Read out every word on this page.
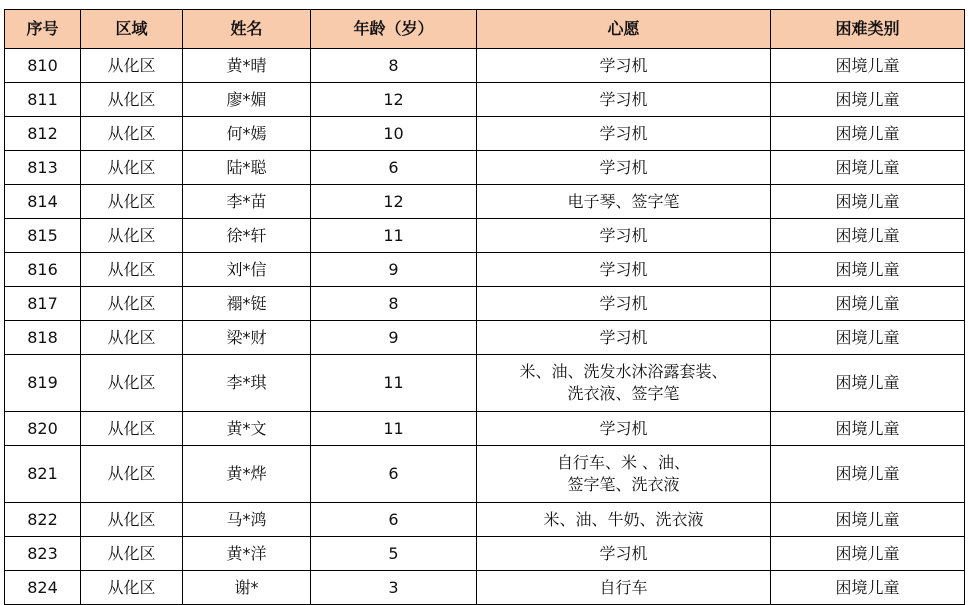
序号	区域	姓名	年龄（岁）	心愿	困难类别
810	从化区	黄*晴	8	学习机	困境儿童
811	从化区	廖*媚	12	学习机	困境儿童
812	从化区	何*嫣	10	学习机	困境儿童
813	从化区	陆*聪	6	学习机	困境儿童
814	从化区	李*苗	12	电子琴、签字笔	困境儿童
815	从化区	徐*轩	11	学习机	困境儿童
816	从化区	刘*信	9	学习机	困境儿童
817	从化区	禤*铤	8	学习机	困境儿童
818	从化区	梁*财	9	学习机	困境儿童
819	从化区	李*琪	11	米、油、洗发水沐浴露套装、
洗衣液、签字笔	困境儿童
820	从化区	黄*文	11	学习机	困境儿童
821	从化区	黄*烨	6	自行车、米 、油、
签字笔、洗衣液	困境儿童
822	从化区	马*鸿	6	米、油、牛奶、洗衣液	困境儿童
823	从化区	黄*洋	5	学习机	困境儿童
824	从化区	谢*	3	自行车	困境儿童
